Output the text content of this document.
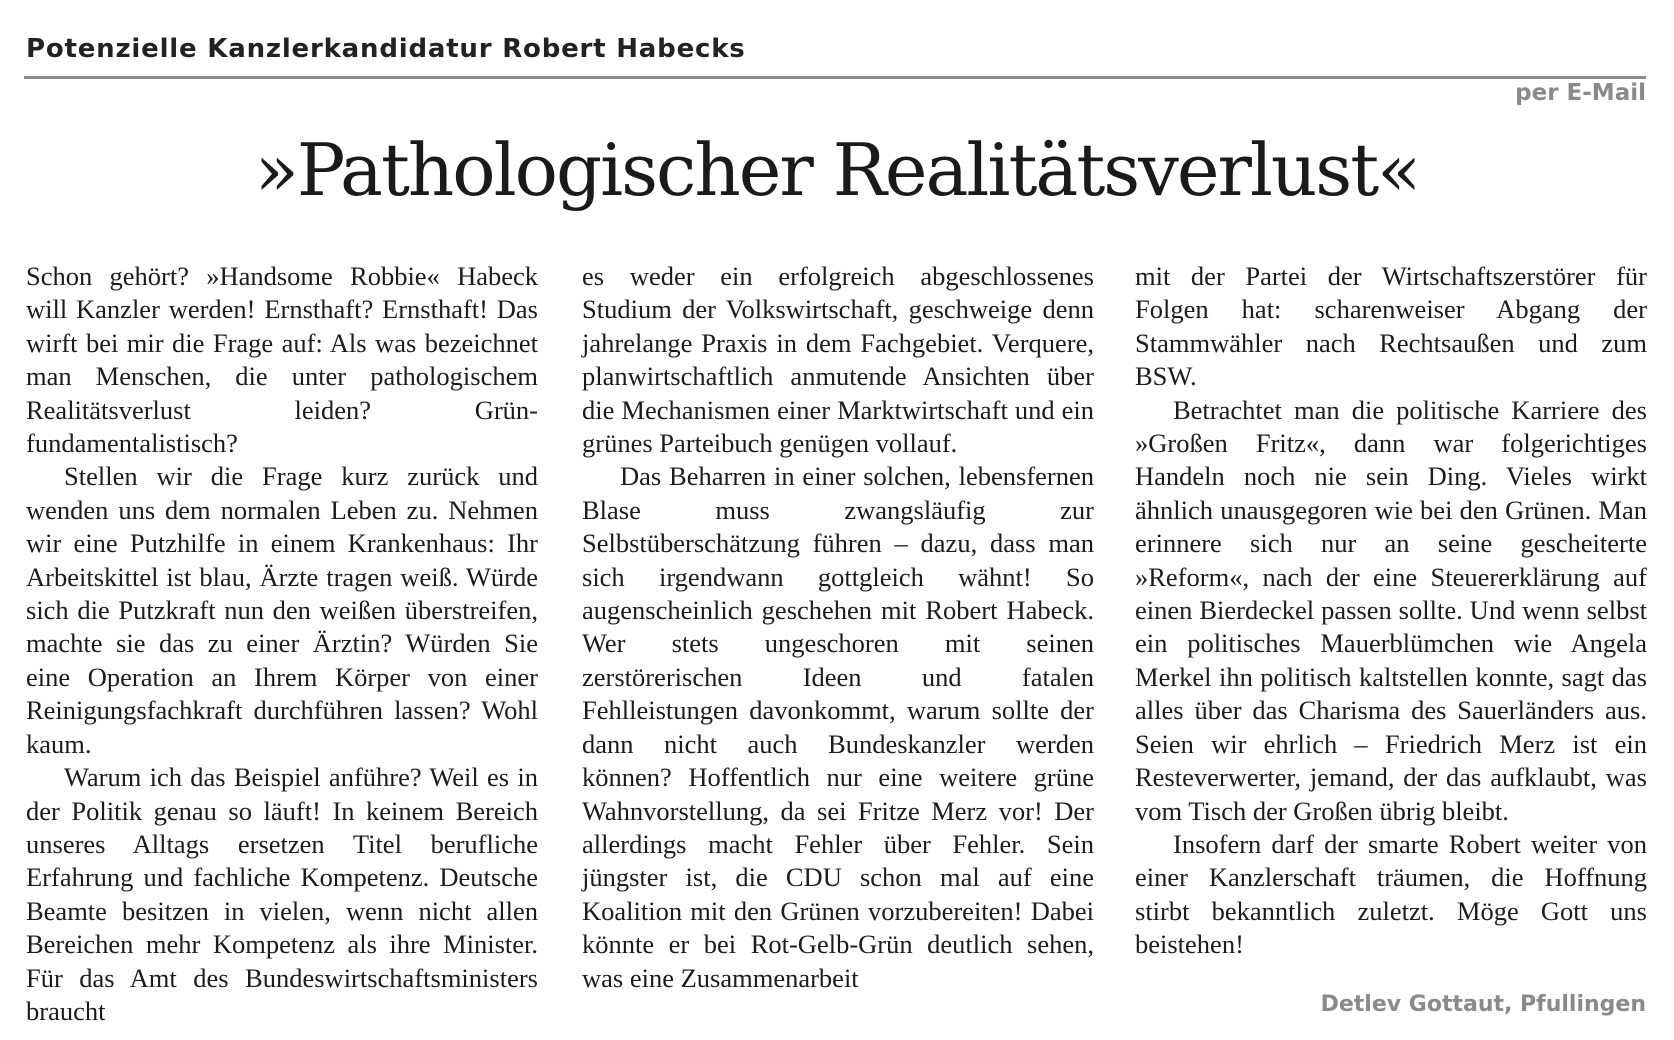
Potenzielle Kanzlerkandidatur Robert Habecks
per E-Mail
»Pathologischer Realitätsverlust«

Schon gehört? »Handsome Robbie« Habeck will Kanzler werden! Ernsthaft? Ernsthaft! Das wirft bei mir die Frage auf: Als was bezeichnet man Menschen, die unter pathologischem Realitätsverlust leiden? Grün-fundamentalistisch?

Stellen wir die Frage kurz zurück und wenden uns dem normalen Leben zu. Nehmen wir eine Putzhilfe in einem Krankenhaus: Ihr Arbeitskittel ist blau, Ärzte tragen weiß. Würde sich die Putzkraft nun den weißen überstreifen, machte sie das zu einer Ärztin? Würden Sie eine Operation an Ihrem Körper von einer Reinigungsfachkraft durchführen lassen? Wohl kaum.

Warum ich das Beispiel anführe? Weil es in der Politik genau so läuft! In keinem Bereich unseres Alltags ersetzen Titel berufliche Erfahrung und fachliche Kompetenz. Deutsche Beamte besitzen in vielen, wenn nicht allen Bereichen mehr Kompetenz als ihre Minister. Für das Amt des Bundeswirtschaftsministers braucht

es weder ein erfolgreich abgeschlossenes Studium der Volkswirtschaft, geschweige denn jahrelange Praxis in dem Fachgebiet. Verquere, planwirtschaftlich anmutende Ansichten über die Mechanismen einer Marktwirtschaft und ein grünes Parteibuch genügen vollauf.

Das Beharren in einer solchen, lebensfernen Blase muss zwangsläufig zur Selbstüberschätzung führen – dazu, dass man sich irgendwann gottgleich wähnt! So augenscheinlich geschehen mit Robert Habeck. Wer stets ungeschoren mit seinen zerstörerischen Ideen und fatalen Fehlleistungen davonkommt, warum sollte der dann nicht auch Bundeskanzler werden können? Hoffentlich nur eine weitere grüne Wahnvorstellung, da sei Fritze Merz vor! Der allerdings macht Fehler über Fehler. Sein jüngster ist, die CDU schon mal auf eine Koalition mit den Grünen vorzubereiten! Dabei könnte er bei Rot-Gelb-Grün deutlich sehen, was eine Zusammenarbeit

mit der Partei der Wirtschaftszerstörer für Folgen hat: scharenweiser Abgang der Stammwähler nach Rechtsaußen und zum BSW.

Betrachtet man die politische Karriere des »Großen Fritz«, dann war folgerichtiges Handeln noch nie sein Ding. Vieles wirkt ähnlich unausgegoren wie bei den Grünen. Man erinnere sich nur an seine gescheiterte »Reform«, nach der eine Steuererklärung auf einen Bierdeckel passen sollte. Und wenn selbst ein politisches Mauerblümchen wie Angela Merkel ihn politisch kaltstellen konnte, sagt das alles über das Charisma des Sauerländers aus. Seien wir ehrlich – Friedrich Merz ist ein Resteverwerter, jemand, der das aufklaubt, was vom Tisch der Großen übrig bleibt.

Insofern darf der smarte Robert weiter von einer Kanzlerschaft träumen, die Hoffnung stirbt bekanntlich zuletzt. Möge Gott uns beistehen!

Detlev Gottaut, Pfullingen
